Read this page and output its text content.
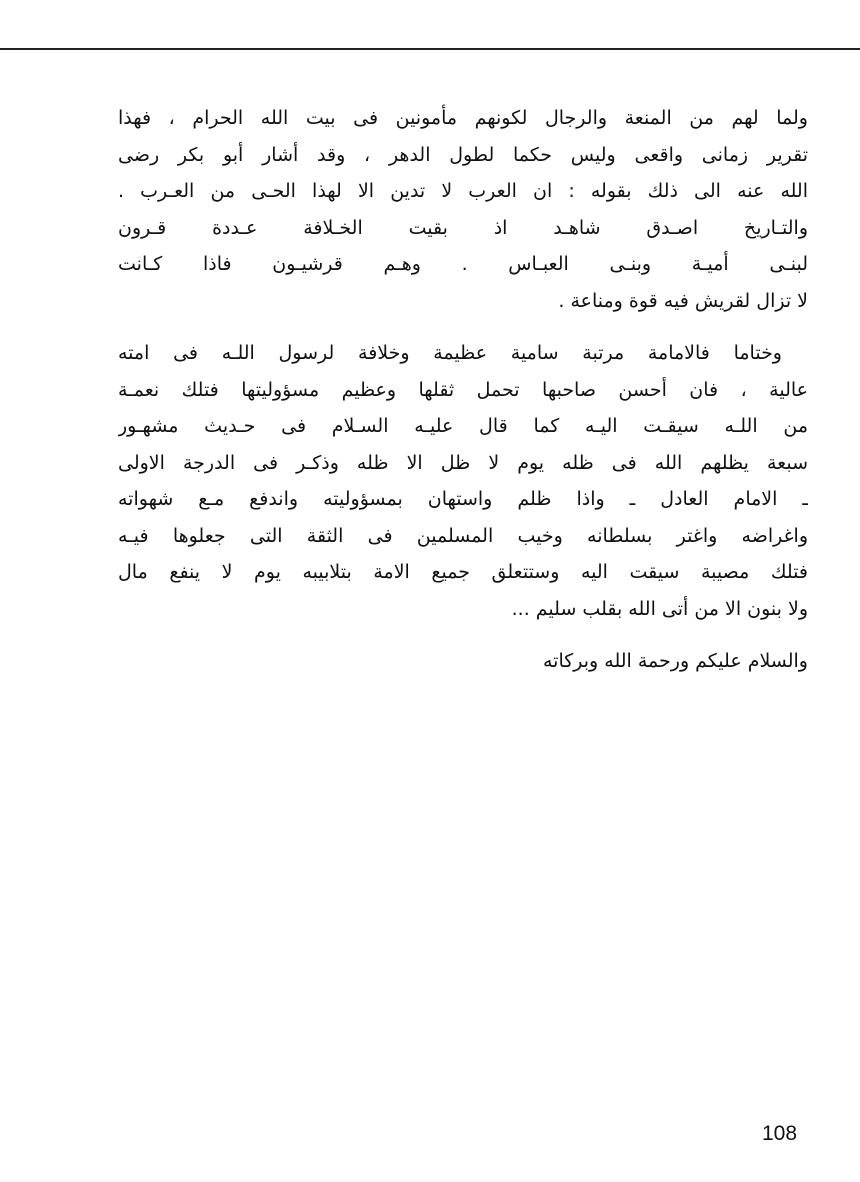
ولما لهم من المنعة والرجال لكونهم مأمونين فى بيت الله الحرام ، فهذا
تقرير زمانى واقعى وليس حكما لطول الدهر ، وقد أشار أبو بكر رضى
الله عنه الى ذلك بقوله : ان العرب لا تدين الا لهذا الحـى من العـرب .
والتـاريخ اصـدق شاهـد اذ بقيت الخـلافة عـددة قـرون
لبنـى أميـة وبنـى العبـاس . وهـم قرشيـون فاذا كـانت
لا تزال لقريش فيه قوة ومناعة .
وختاما فالامامة مرتبة سامية عظيمة وخلافة لرسول اللـه فى امته
عالية ، فان أحسن صاحبها تحمل ثقلها وعظيم مسؤوليتها فتلك نعمـة
من اللـه سيقـت اليـه كما قال عليـه السـلام فى حـديث مشهـور
سبعة يظلهم الله فى ظله يوم لا ظل الا ظله وذكـر فى الدرجة الاولى
ـ الامام العادل ـ واذا ظلم واستهان بمسؤوليته واندفع مـع شهواته
واغراضه واغتر بسلطانه وخيب المسلمين فى الثقة التى جعلوها فيـه
فتلك مصيبة سيقت اليه وستتعلق جميع الامة بتلابيبه يوم لا ينفع مال
ولا بنون الا من أتى الله بقلب سليم ...
والسلام عليكم ورحمة الله وبركاته
108
